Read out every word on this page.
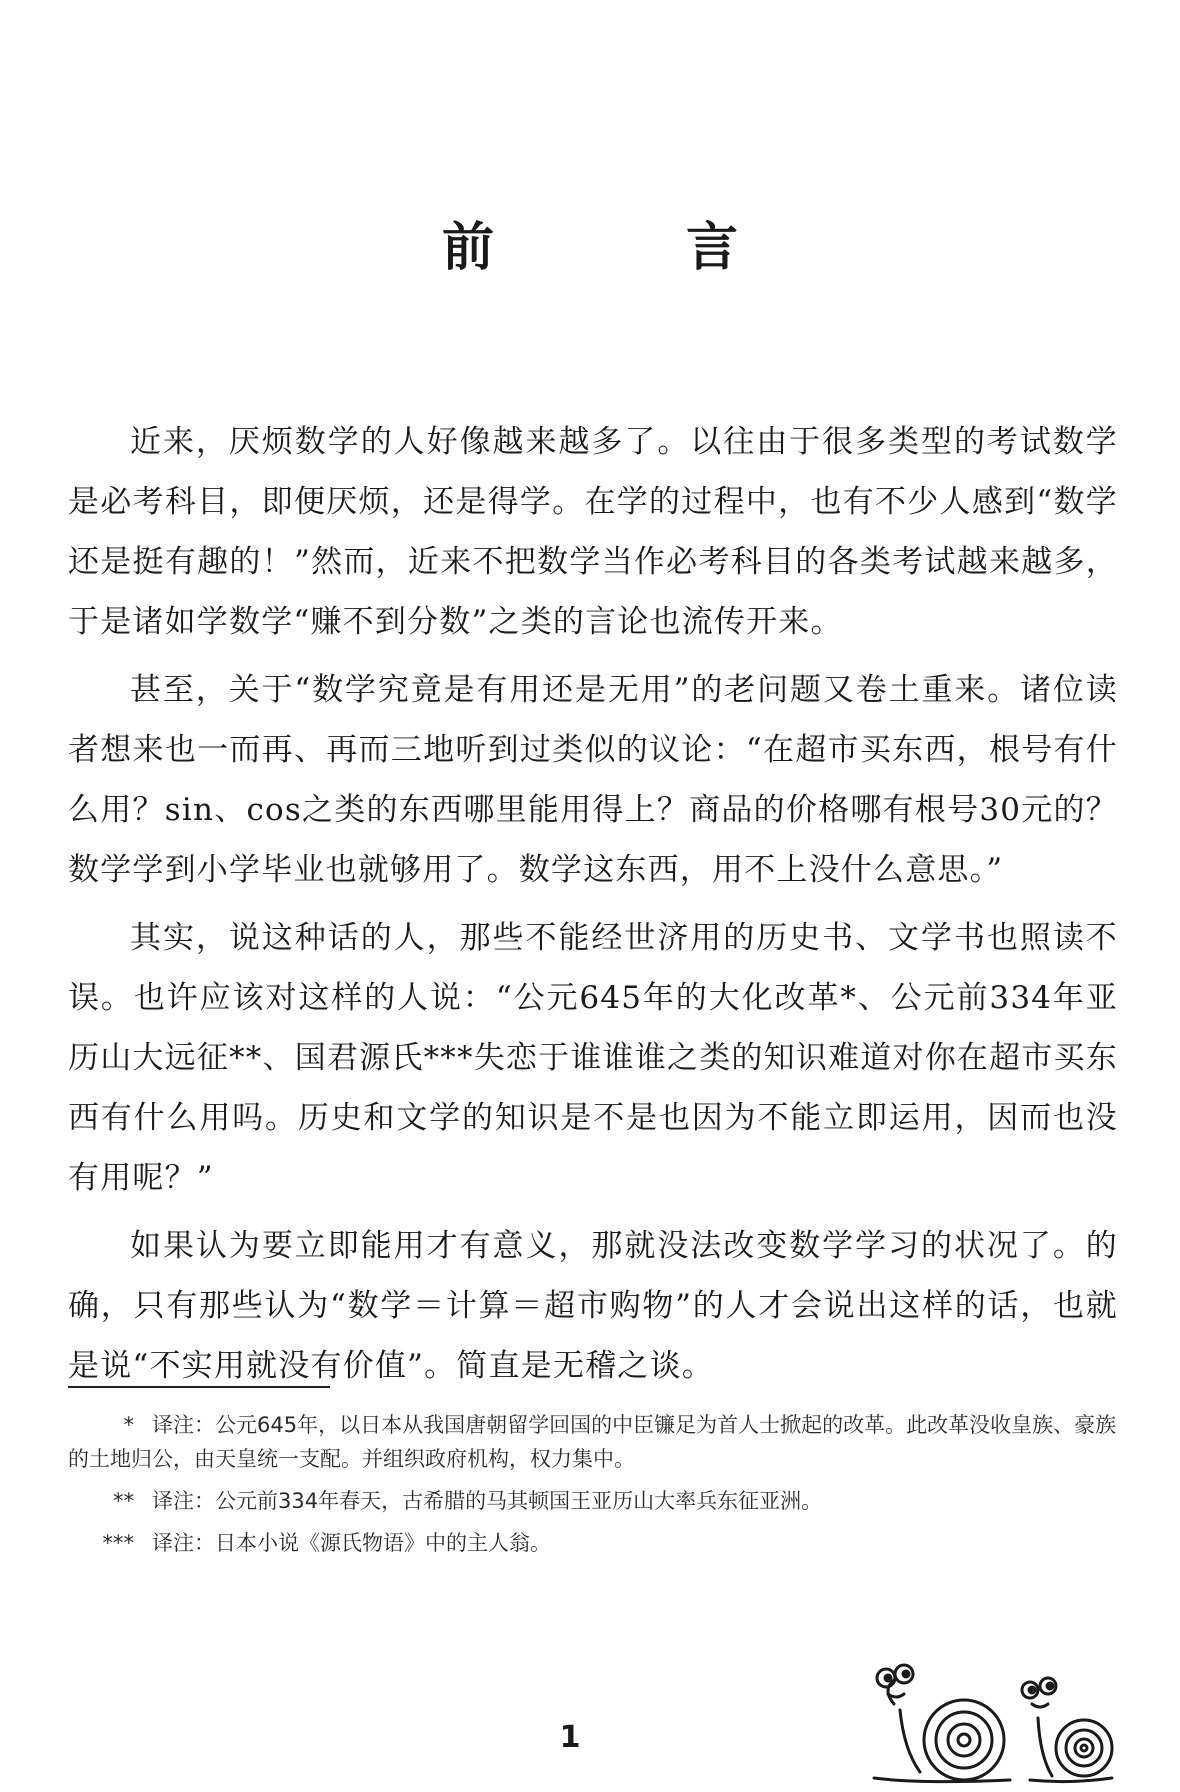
前　言

近来，厌烦数学的人好像越来越多了。以往由于很多类型的考试数学是必考科目，即便厌烦，还是得学。在学的过程中，也有不少人感到“数学还是挺有趣的！”然而，近来不把数学当作必考科目的各类考试越来越多，于是诸如学数学“赚不到分数”之类的言论也流传开来。

甚至，关于“数学究竟是有用还是无用”的老问题又卷土重来。诸位读者想来也一而再、再而三地听到过类似的议论：“在超市买东西，根号有什么用？sin、cos之类的东西哪里能用得上？商品的价格哪有根号30元的？数学学到小学毕业也就够用了。数学这东西，用不上没什么意思。”

其实，说这种话的人，那些不能经世济用的历史书、文学书也照读不误。也许应该对这样的人说：“公元645年的大化改革*、公元前334年亚历山大远征**、国君源氏***失恋于谁谁谁之类的知识难道对你在超市买东西有什么用吗。历史和文学的知识是不是也因为不能立即运用，因而也没有用呢？”

如果认为要立即能用才有意义，那就没法改变数学学习的状况了。的确，只有那些认为“数学＝计算＝超市购物”的人才会说出这样的话，也就是说“不实用就没有价值”。简直是无稽之谈。

* 译注：公元645年，以日本从我国唐朝留学回国的中臣镰足为首人士掀起的改革。此改革没收皇族、豪族的土地归公，由天皇统一支配。并组织政府机构，权力集中。
** 译注：公元前334年春天，古希腊的马其顿国王亚历山大率兵东征亚洲。
*** 译注：日本小说《源氏物语》中的主人翁。
1
